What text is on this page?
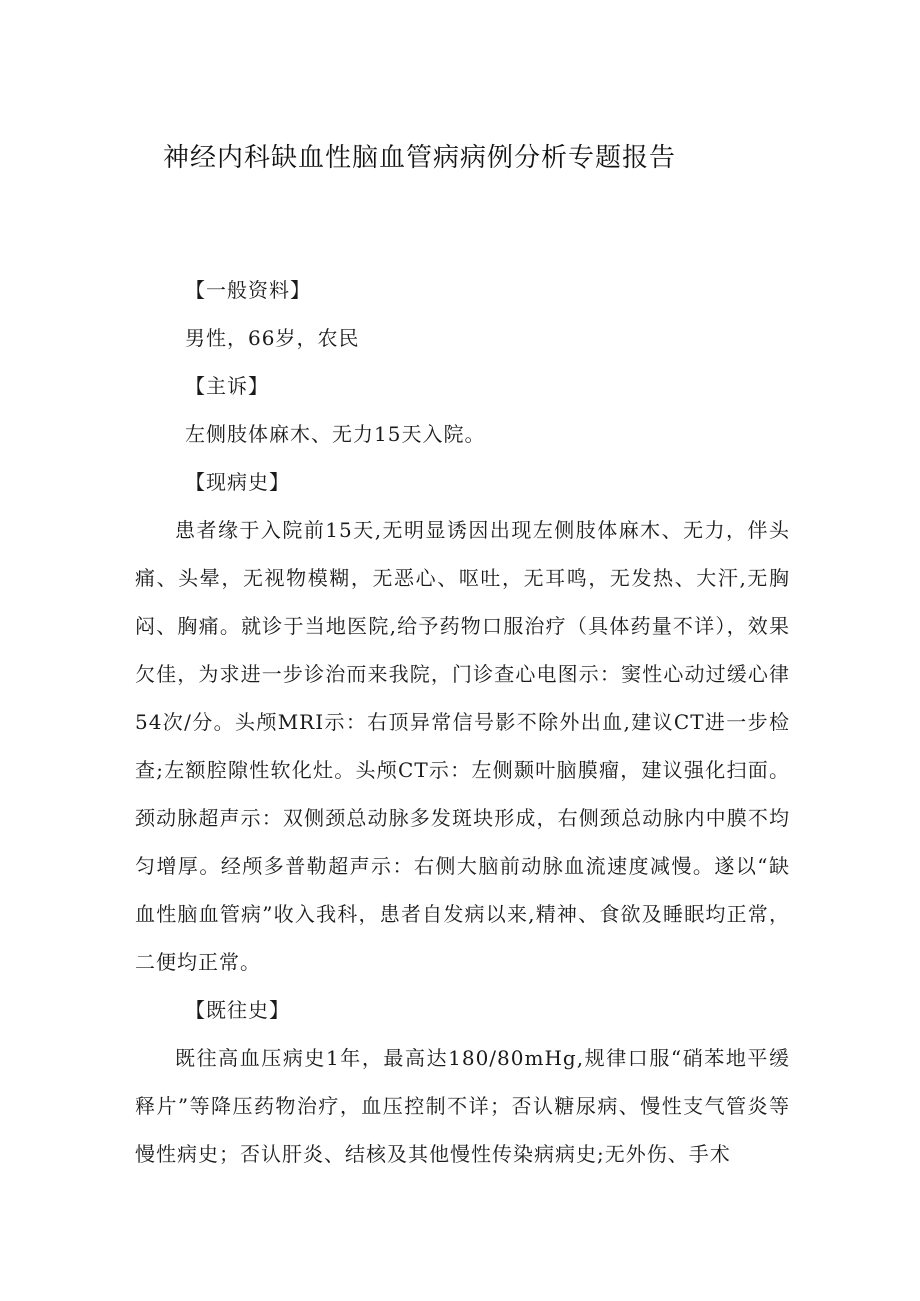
神经内科缺血性脑血管病病例分析专题报告

【一般资料】

男性，66岁，农民

【主诉】

左侧肢体麻木、无力15天入院。

【现病史】

患者缘于入院前15天,无明显诱因出现左侧肢体麻木、无力，伴头痛、头晕，无视物模糊，无恶心、呕吐，无耳鸣，无发热、大汗,无胸闷、胸痛。就诊于当地医院,给予药物口服治疗（具体药量不详），效果欠佳，为求进一步诊治而来我院，门诊查心电图示：窦性心动过缓心律54次/分。头颅MRI示：右顶异常信号影不除外出血,建议CT进一步检查;左额腔隙性软化灶。头颅CT示：左侧颞叶脑膜瘤，建议强化扫面。颈动脉超声示：双侧颈总动脉多发斑块形成，右侧颈总动脉内中膜不均匀增厚。经颅多普勒超声示：右侧大脑前动脉血流速度减慢。遂以“缺血性脑血管病”收入我科，患者自发病以来,精神、食欲及睡眠均正常，二便均正常。

【既往史】

既往高血压病史1年，最高达180/80mHg,规律口服“硝苯地平缓释片”等降压药物治疗，血压控制不详；否认糖尿病、慢性支气管炎等慢性病史；否认肝炎、结核及其他慢性传染病病史;无外伤、手术
